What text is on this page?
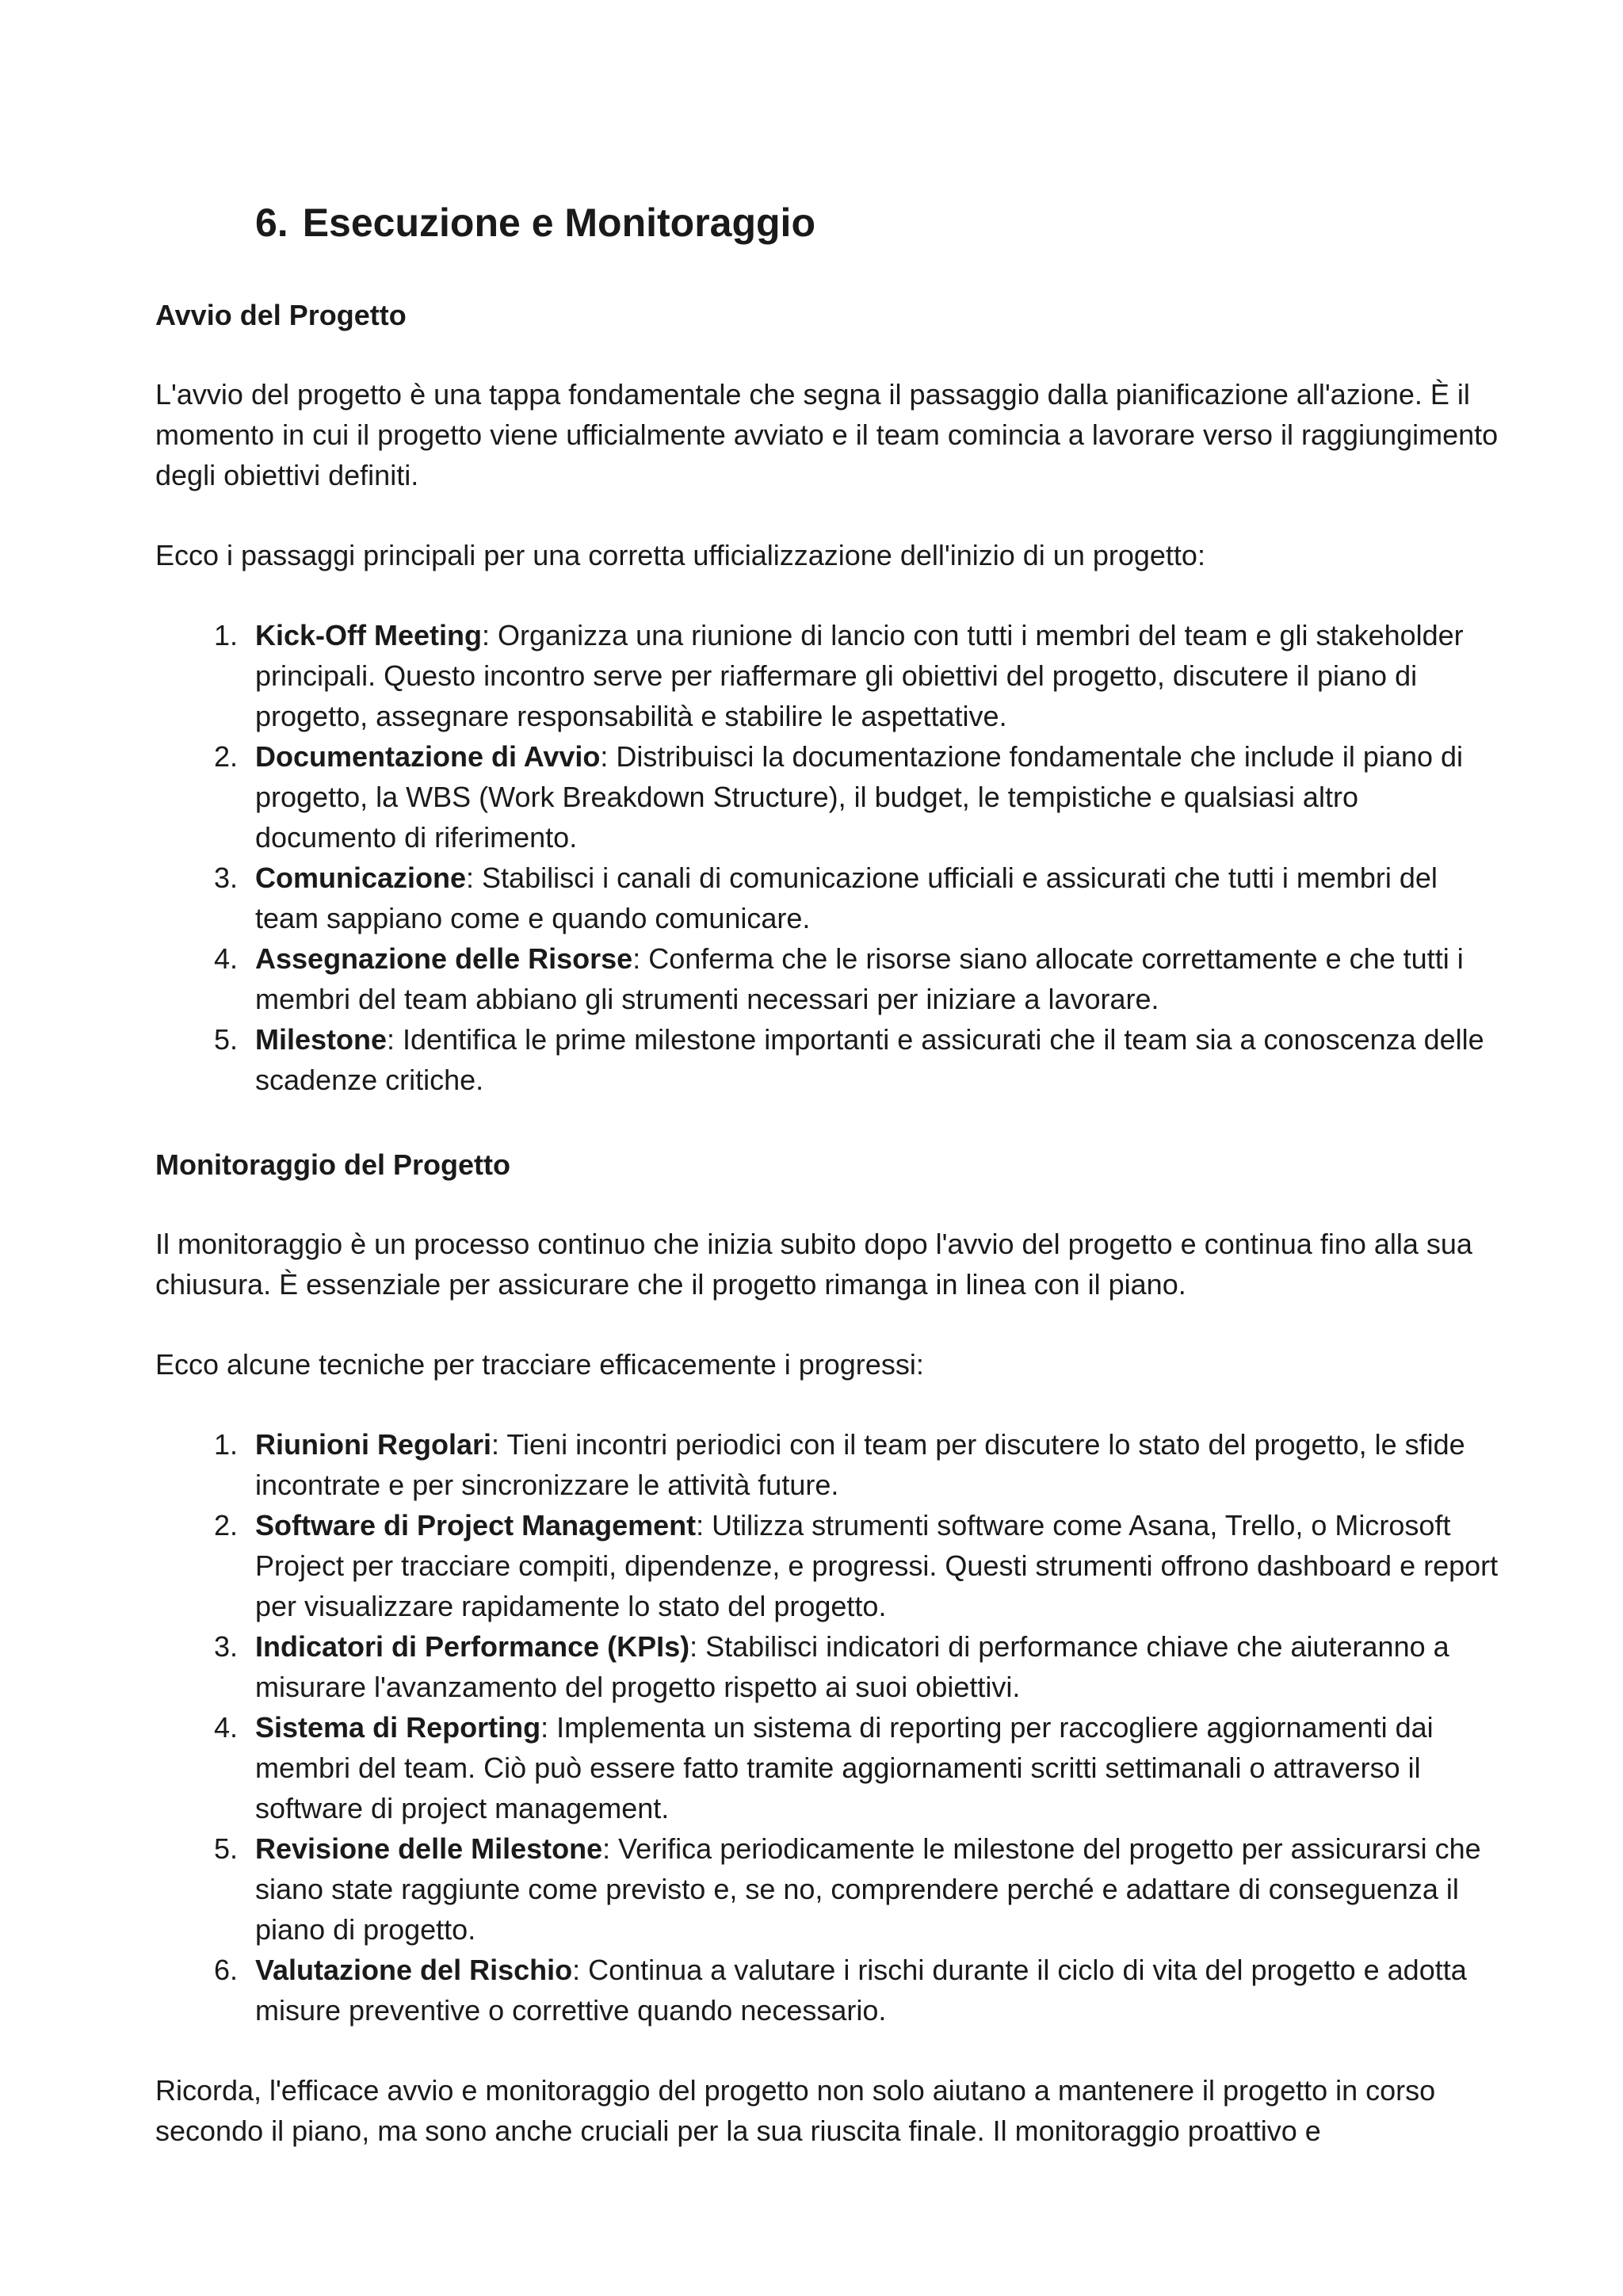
6. Esecuzione e Monitoraggio
Avvio del Progetto
L'avvio del progetto è una tappa fondamentale che segna il passaggio dalla pianificazione all'azione. È il momento in cui il progetto viene ufficialmente avviato e il team comincia a lavorare verso il raggiungimento degli obiettivi definiti.
Ecco i passaggi principali per una corretta ufficializzazione dell'inizio di un progetto:
1. Kick-Off Meeting: Organizza una riunione di lancio con tutti i membri del team e gli stakeholder principali. Questo incontro serve per riaffermare gli obiettivi del progetto, discutere il piano di progetto, assegnare responsabilità e stabilire le aspettative.
2. Documentazione di Avvio: Distribuisci la documentazione fondamentale che include il piano di progetto, la WBS (Work Breakdown Structure), il budget, le tempistiche e qualsiasi altro documento di riferimento.
3. Comunicazione: Stabilisci i canali di comunicazione ufficiali e assicurati che tutti i membri del team sappiano come e quando comunicare.
4. Assegnazione delle Risorse: Conferma che le risorse siano allocate correttamente e che tutti i membri del team abbiano gli strumenti necessari per iniziare a lavorare.
5. Milestone: Identifica le prime milestone importanti e assicurati che il team sia a conoscenza delle scadenze critiche.
Monitoraggio del Progetto
Il monitoraggio è un processo continuo che inizia subito dopo l'avvio del progetto e continua fino alla sua chiusura. È essenziale per assicurare che il progetto rimanga in linea con il piano.
Ecco alcune tecniche per tracciare efficacemente i progressi:
1. Riunioni Regolari: Tieni incontri periodici con il team per discutere lo stato del progetto, le sfide incontrate e per sincronizzare le attività future.
2. Software di Project Management: Utilizza strumenti software come Asana, Trello, o Microsoft Project per tracciare compiti, dipendenze, e progressi. Questi strumenti offrono dashboard e report per visualizzare rapidamente lo stato del progetto.
3. Indicatori di Performance (KPIs): Stabilisci indicatori di performance chiave che aiuteranno a misurare l'avanzamento del progetto rispetto ai suoi obiettivi.
4. Sistema di Reporting: Implementa un sistema di reporting per raccogliere aggiornamenti dai membri del team. Ciò può essere fatto tramite aggiornamenti scritti settimanali o attraverso il software di project management.
5. Revisione delle Milestone: Verifica periodicamente le milestone del progetto per assicurarsi che siano state raggiunte come previsto e, se no, comprendere perché e adattare di conseguenza il piano di progetto.
6. Valutazione del Rischio: Continua a valutare i rischi durante il ciclo di vita del progetto e adotta misure preventive o correttive quando necessario.
Ricorda, l'efficace avvio e monitoraggio del progetto non solo aiutano a mantenere il progetto in corso secondo il piano, ma sono anche cruciali per la sua riuscita finale. Il monitoraggio proattivo e
